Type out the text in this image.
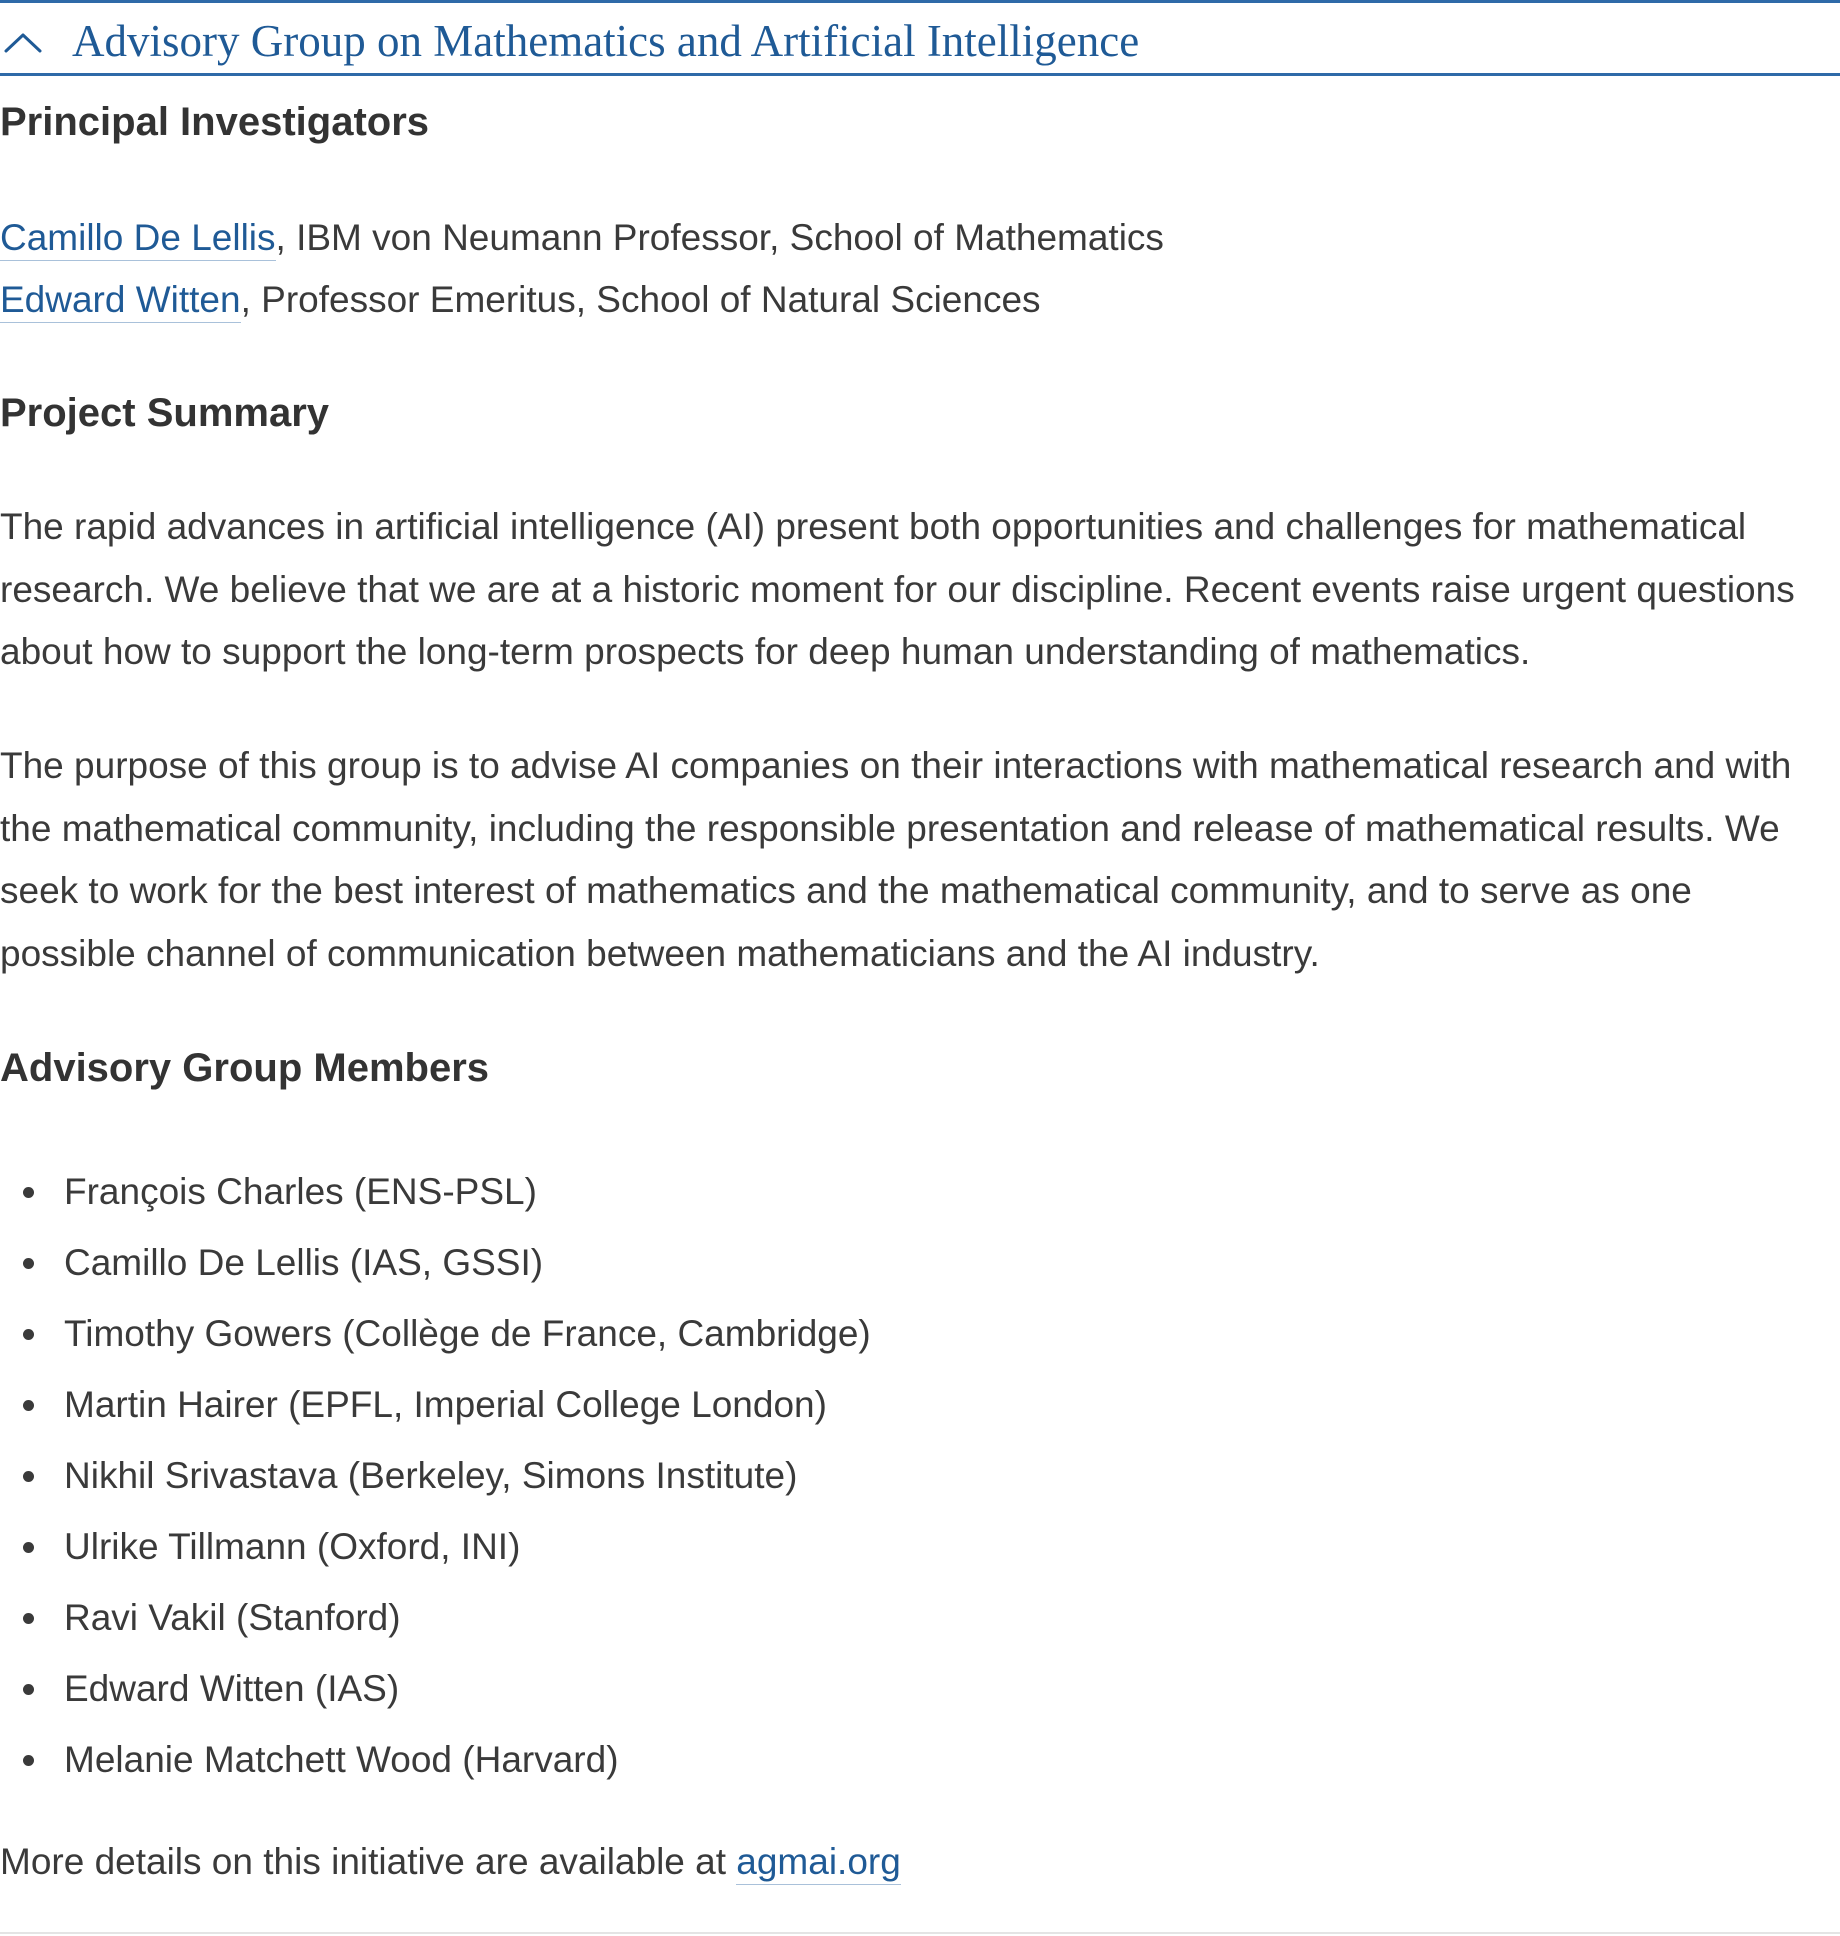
Advisory Group on Mathematics and Artificial Intelligence
Principal Investigators
Camillo De Lellis, IBM von Neumann Professor, School of Mathematics
Edward Witten, Professor Emeritus, School of Natural Sciences
Project Summary
The rapid advances in artificial intelligence (AI) present both opportunities and challenges for mathematical research. We believe that we are at a historic moment for our discipline. Recent events raise urgent questions about how to support the long-term prospects for deep human understanding of mathematics.
The purpose of this group is to advise AI companies on their interactions with mathematical research and with the mathematical community, including the responsible presentation and release of mathematical results. We seek to work for the best interest of mathematics and the mathematical community, and to serve as one possible channel of communication between mathematicians and the AI industry.
Advisory Group Members
François Charles (ENS-PSL)
Camillo De Lellis (IAS, GSSI)
Timothy Gowers (Collège de France, Cambridge)
Martin Hairer (EPFL, Imperial College London)
Nikhil Srivastava (Berkeley, Simons Institute)
Ulrike Tillmann (Oxford, INI)
Ravi Vakil (Stanford)
Edward Witten (IAS)
Melanie Matchett Wood (Harvard)
More details on this initiative are available at agmai.org
